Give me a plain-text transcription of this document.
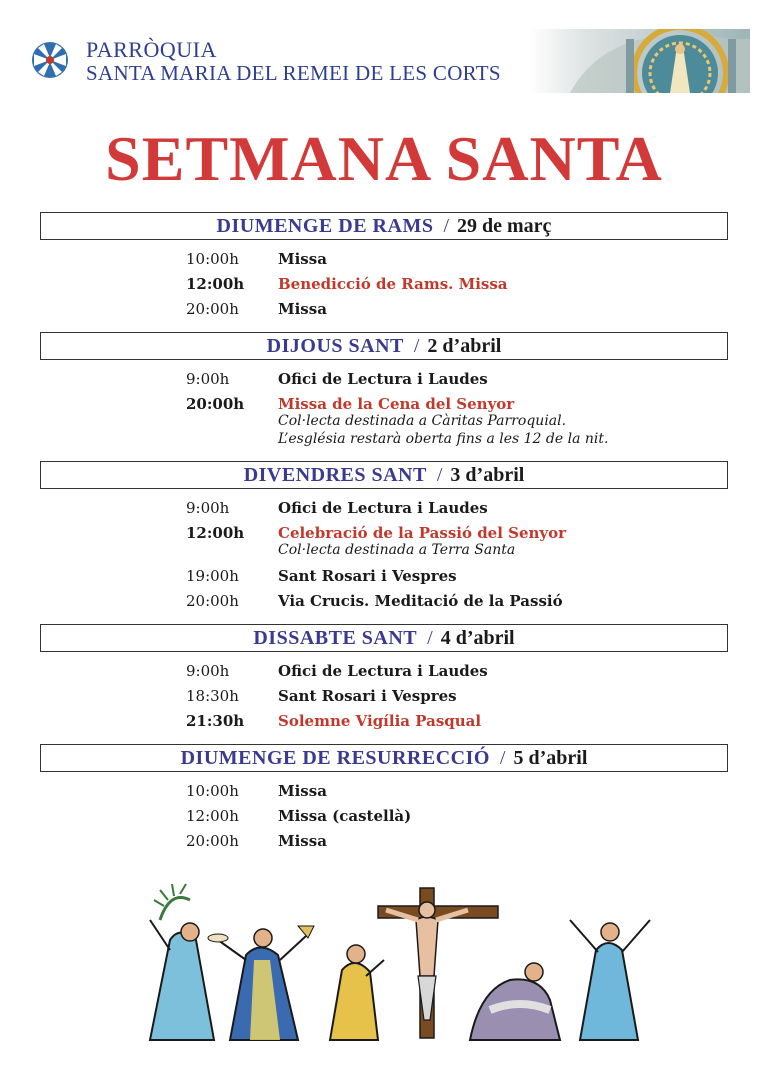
PARRÒQUIA
SANTA MARIA DEL REMEI DE LES CORTS
SETMANA SANTA
DIUMENGE DE RAMS / 29 de març
10:00h	Missa
12:00h Benedicció de Rams. Missa
20:00h	Missa
DIJOUS SANT / 2 d’abril
9:00h	Ofici de Lectura i Laudes
20:00h Missa de la Cena del Senyor
Col·lecta destinada a Càritas Parroquial.
L’església restarà oberta fins a les 12 de la nit.
DIVENDRES SANT / 3 d’abril
9:00h	Ofici de Lectura i Laudes
12:00h Celebració de la Passió del Senyor
Col·lecta destinada a Terra Santa
19:00h	Sant Rosari i Vespres
20:00h	Via Crucis. Meditació de la Passió
DISSABTE SANT / 4 d’abril
9:00h	Ofici de Lectura i Laudes
18:30h	Sant Rosari i Vespres
21:30h Solemne Vigília Pasqual
DIUMENGE DE RESURRECCIÓ / 5 d’abril
10:00h	Missa
12:00h	Missa (castellà)
20:00h	Missa
